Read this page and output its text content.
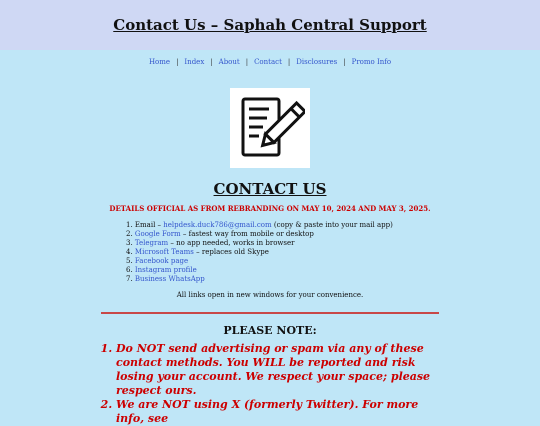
Contact Us – Saphah Central Support
Home | Index | About | Contact | Disclosures | Promo Info
CONTACT US
DETAILS OFFICIAL AS FROM REBRANDING ON MAY 10, 2024 AND MAY 3, 2025.
1. Email – helpdesk.duck786@gmail.com (copy & paste into your mail app)
2. Google Form – fastest way from mobile or desktop
3. Telegram – no app needed, works in browser
4. Microsoft Teams – replaces old Skype
5. Facebook page
6. Instagram profile
7. Business WhatsApp
All links open in new windows for your convenience.
PLEASE NOTE:
1. Do NOT send advertising or spam via any of these contact methods. You WILL be reported and risk losing your account. We respect your space; please respect ours.
2. We are NOT using X (formerly Twitter). For more info, see
